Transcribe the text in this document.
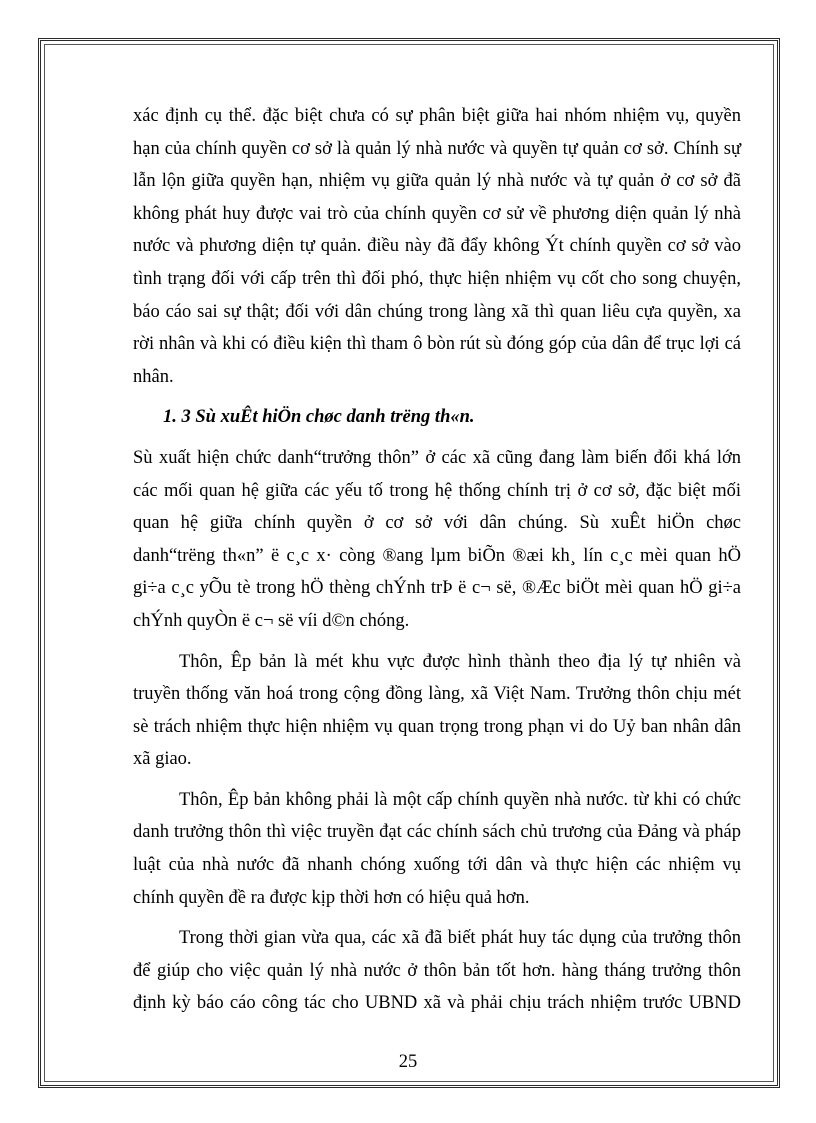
xác định cụ thể. đặc biệt chưa có sự phân biệt giữa hai nhóm nhiệm vụ, quyền
hạn của chính quyền cơ sở là quản lý nhà nước và quyền tự quản cơ sở. Chính sự
lẫn lộn giữa quyền hạn, nhiệm vụ giữa quản lý nhà nước và tự quản ở cơ sở đã
không phát huy được vai trò của chính quyền cơ sử về phương diện quản lý nhà
nước và phương diện tự quản. điều này đã đẩy không Ýt chính quyền cơ sở vào
tình trạng đối với cấp trên thì đối phó, thực hiện nhiệm vụ cốt cho song chuyện,
báo cáo sai sự thật; đối với dân chúng trong làng xã thì quan liêu cựa quyền, xa
rời nhân và khi có điều kiện thì tham ô bòn rút sù đóng góp của dân để trục lợi cá
nhân.

1. 3 Sù xuÊt hiÖn chøc danh trëng th«n.

Sù xuất hiện chức danh“trưởng thôn” ở các xã cũng đang làm biến đổi khá lớn
các mối quan hệ giữa các yếu tố trong hệ thống chính trị ở cơ sở, đặc biệt mối
quan hệ giữa chính quyền ở cơ sở với dân chúng. Sù xuÊt hiÖn chøc
danh“trëng th«n” ë c¸c x· còng ®ang lµm biÕn ®æi kh¸ lín c¸c mèi quan hÖ
gi÷a c¸c yÕu tè trong hÖ thèng chÝnh trÞ ë c¬ së, ®Æc biÖt mèi quan hÖ gi÷a
chÝnh quyÒn ë c¬ së víi d©n chóng.

Thôn, Êp bản là mét khu vực được hình thành theo địa lý tự nhiên và
truyền thống văn hoá trong cộng đồng làng, xã Việt Nam. Trưởng thôn chịu mét
sè trách nhiệm thực hiện nhiệm vụ quan trọng trong phạn vi do Uỷ ban nhân dân
xã giao.

Thôn, Êp bản không phải là một cấp chính quyền nhà nước. từ khi có chức
danh trưởng thôn thì việc truyền đạt các chính sách chủ trương của Đảng và pháp
luật của nhà nước đã nhanh chóng xuống tới dân và thực hiện các nhiệm vụ
chính quyền đề ra được kịp thời hơn có hiệu quả hơn.

Trong thời gian vừa qua, các xã đã biết phát huy tác dụng của trưởng thôn
để giúp cho việc quản lý nhà nước ở thôn bản tốt hơn. hàng tháng trưởng thôn
định kỳ báo cáo công tác cho UBND xã và phải chịu trách nhiệm trước UBND

25
